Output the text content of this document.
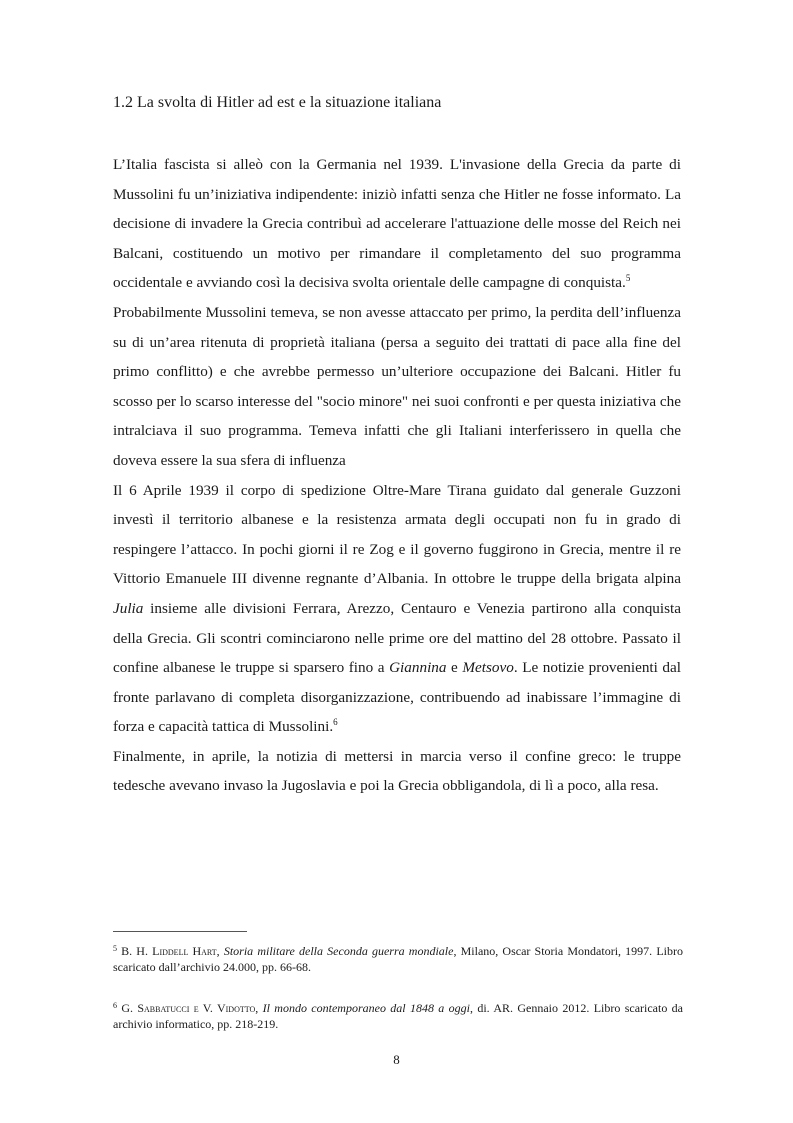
1.2 La svolta di Hitler ad est e la situazione italiana

L’Italia fascista si alleò con la Germania nel 1939. L'invasione della Grecia da parte di Mussolini fu un’iniziativa indipendente: iniziò infatti senza che Hitler ne fosse informato. La decisione di invadere la Grecia contribuì ad accelerare l'attuazione delle mosse del Reich nei Balcani, costituendo un motivo per rimandare il completamento del suo programma occidentale e avviando così la decisiva svolta orientale delle campagne di conquista.$^5$

Probabilmente Mussolini temeva, se non avesse attaccato per primo, la perdita dell’influenza su di un’area ritenuta di proprietà italiana (persa a seguito dei trattati di pace alla fine del primo conflitto) e che avrebbe permesso un’ulteriore occupazione dei Balcani. Hitler fu scosso per lo scarso interesse del "socio minore" nei suoi confronti e per questa iniziativa che intralciava il suo programma. Temeva infatti che gli Italiani interferissero in quella che doveva essere la sua sfera di influenza

Il 6 Aprile 1939 il corpo di spedizione Oltre-Mare Tirana guidato dal generale Guzzoni investì il territorio albanese e la resistenza armata degli occupati non fu in grado di respingere l’attacco. In pochi giorni il re Zog e il governo fuggirono in Grecia, mentre il re Vittorio Emanuele III divenne regnante d’Albania. In ottobre le truppe della brigata alpina Julia insieme alle divisioni Ferrara, Arezzo, Centauro e Venezia partirono alla conquista della Grecia. Gli scontri cominciarono nelle prime ore del mattino del 28 ottobre. Passato il confine albanese le truppe si sparsero fino a Giannina e Metsovo. Le notizie provenienti dal fronte parlavano di completa disorganizzazione, contribuendo ad inabissare l’immagine di forza e capacità tattica di Mussolini.$^6$

Finalmente, in aprile, la notizia di mettersi in marcia verso il confine greco: le truppe tedesche avevano invaso la Jugoslavia e poi la Grecia obbligandola, di lì a poco, alla resa.

$^5$ B. H. Liddell Hart, Storia militare della Seconda guerra mondiale, Milano, Oscar Storia Mondatori, 1997. Libro scaricato dall’archivio 24.000, pp. 66-68.

$^6$ G. Sabbatucci e V. Vidotto, Il mondo contemporaneo dal 1848 a oggi, di. AR. Gennaio 2012. Libro scaricato da archivio informatico, pp. 218-219.

8
